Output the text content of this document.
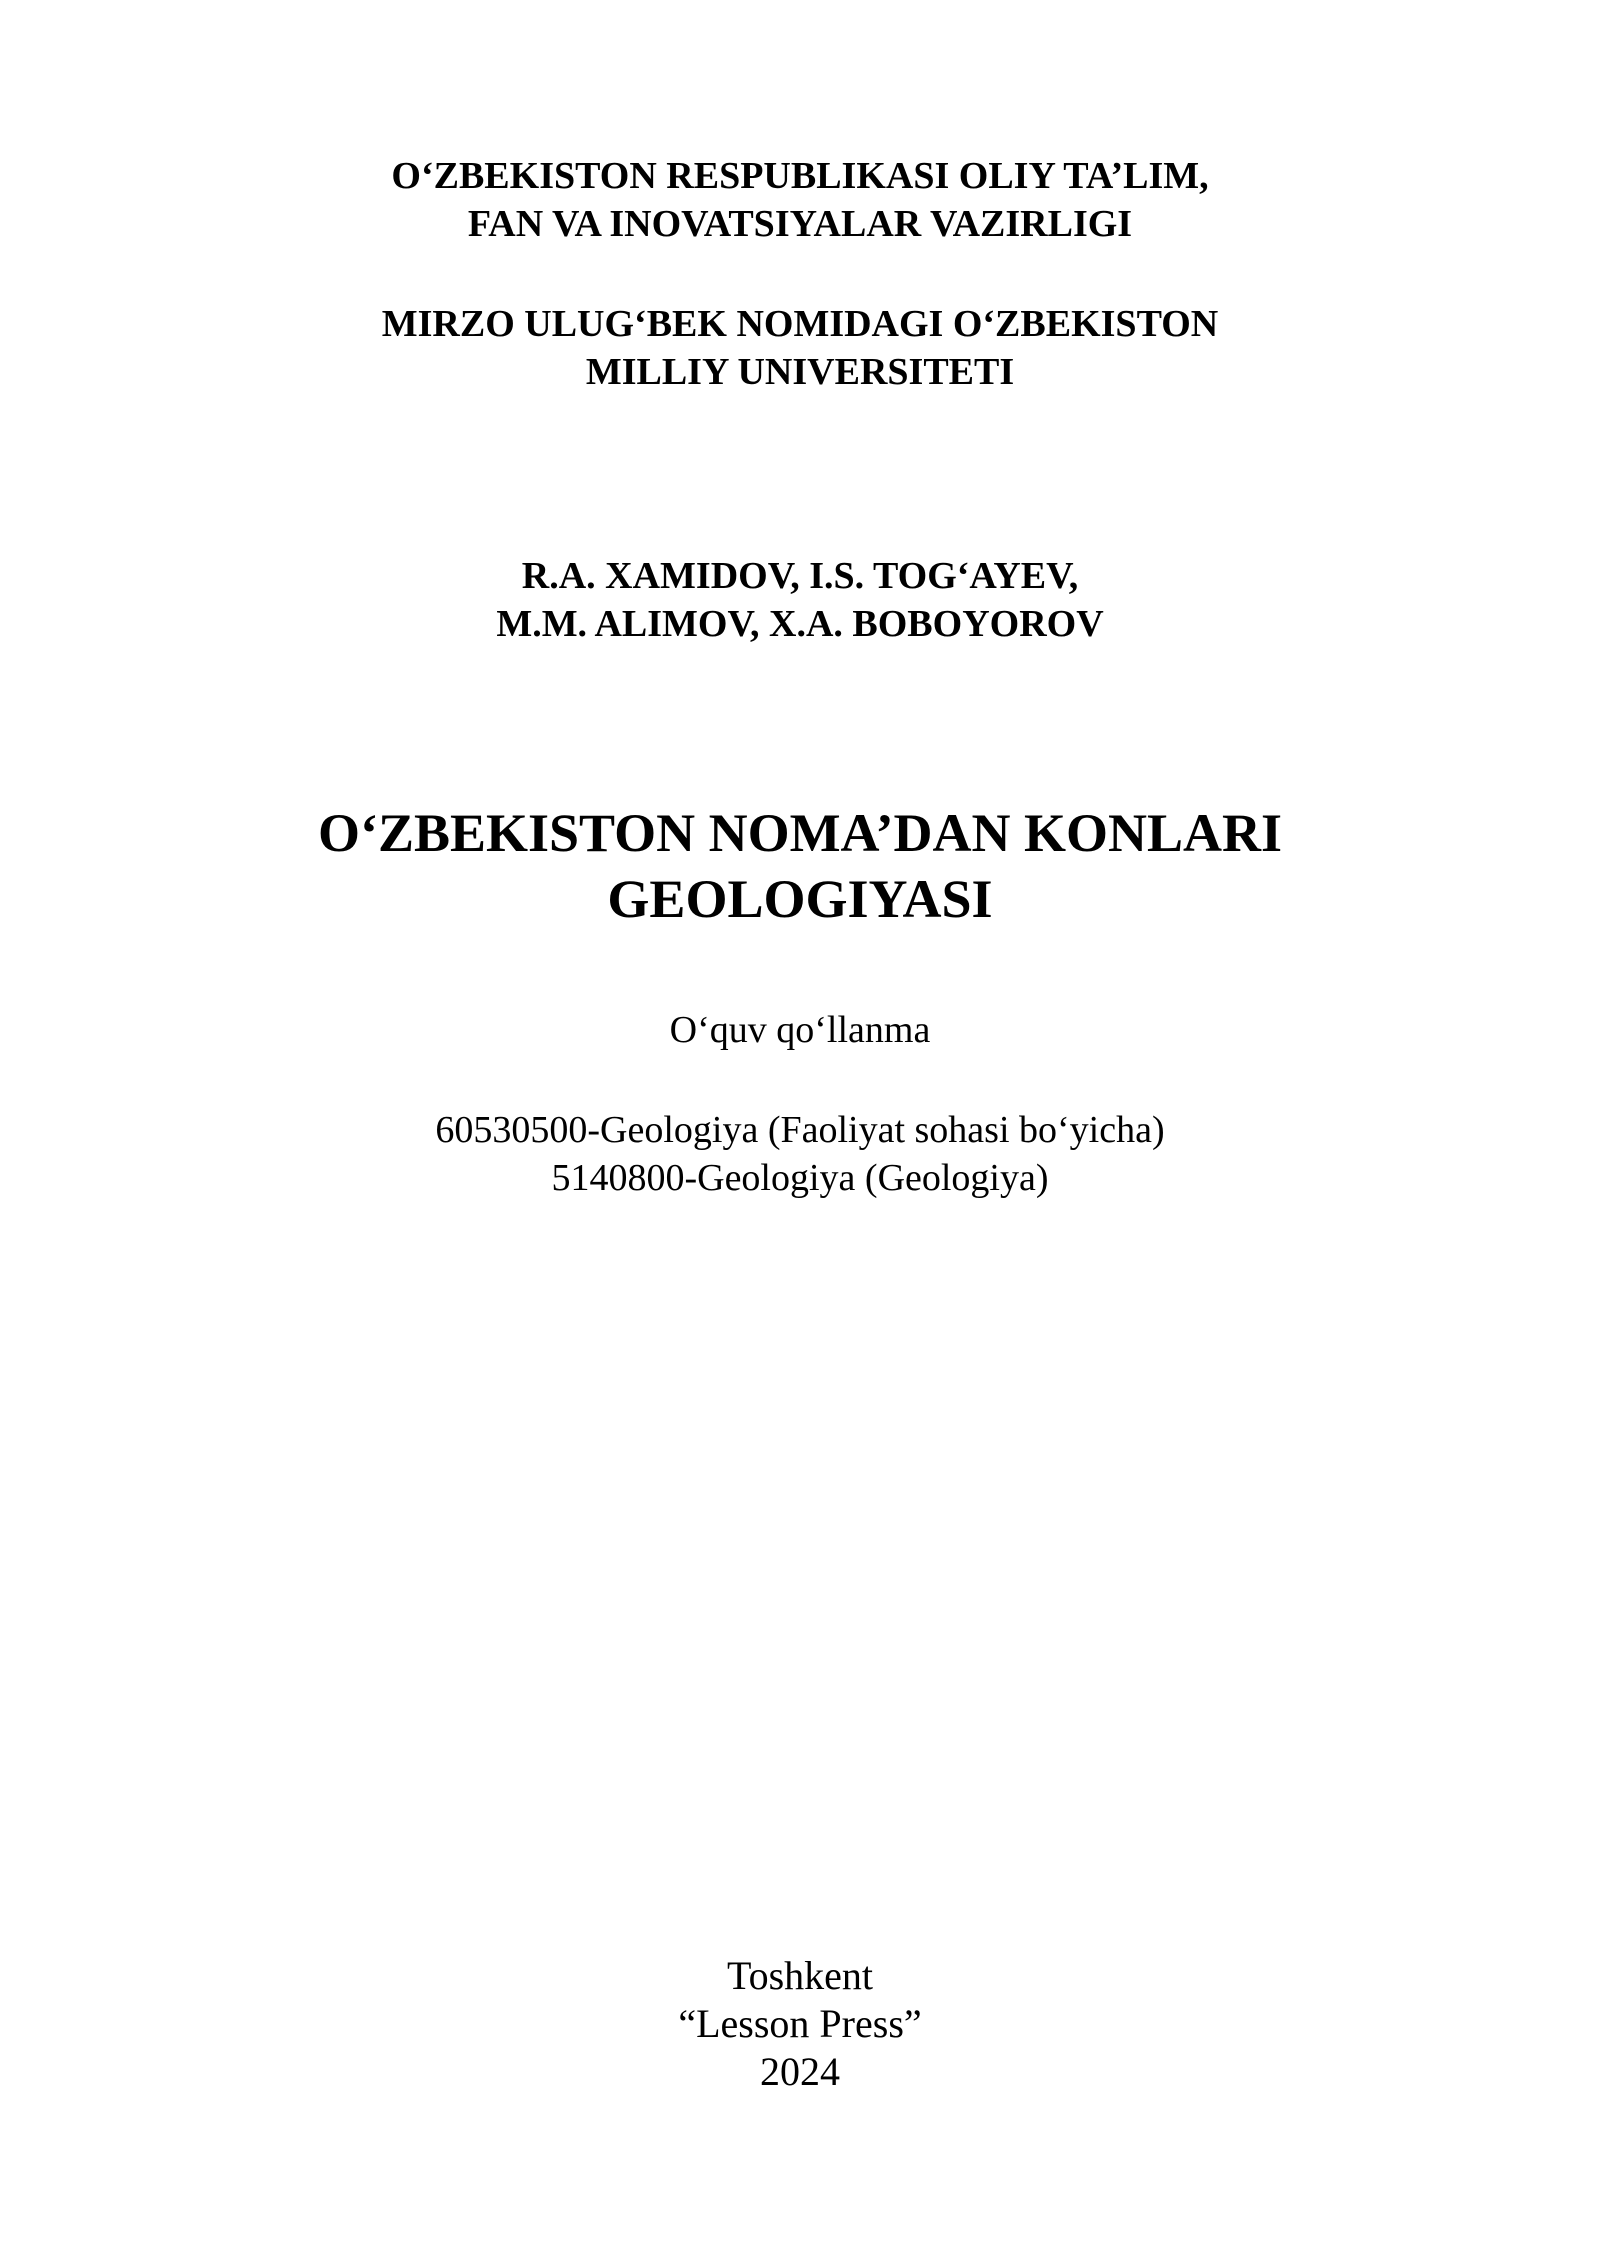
O‘ZBEKISTON RESPUBLIKASI OLIY TA’LIM,
FAN VA INOVATSIYALAR VAZIRLIGI
MIRZO ULUG‘BEK NOMIDAGI O‘ZBEKISTON
MILLIY UNIVERSITETI
R.A. XAMIDOV, I.S. TOG‘AYEV,
M.M. ALIMOV, X.A. BOBOYOROV
O‘ZBEKISTON NOMA’DAN KONLARI
GEOLOGIYASI
O‘quv qo‘llanma
60530500-Geologiya (Faoliyat sohasi bo‘yicha)
5140800-Geologiya (Geologiya)
Toshkent
“Lesson Press”
2024
